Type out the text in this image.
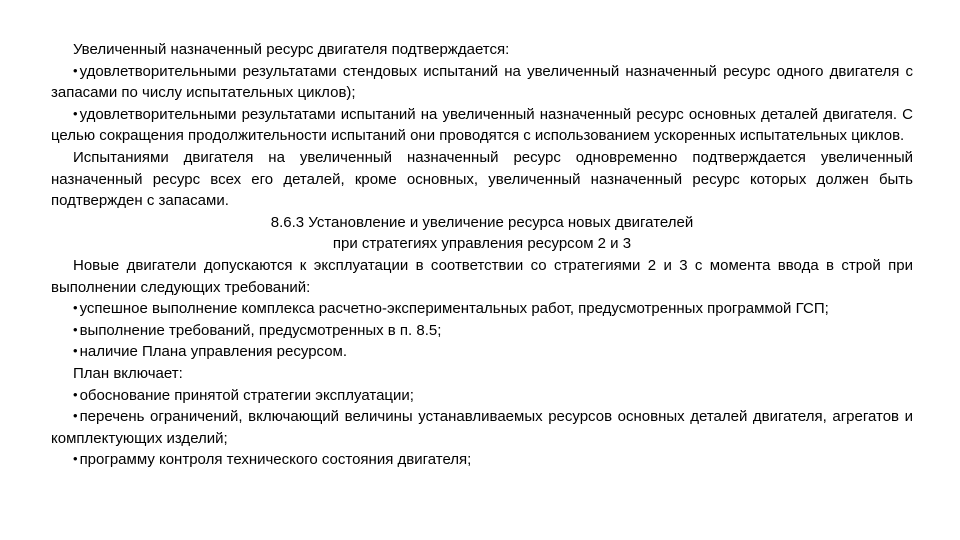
Увеличенный назначенный ресурс двигателя подтверждается:

• удовлетворительными результатами стендовых испытаний на увеличенный назначенный ресурс одного двигателя с запасами по числу испытательных циклов);

• удовлетворительными результатами испытаний на увеличенный назначенный ресурс основных деталей двигателя. С целью сокращения продолжительности испытаний они проводятся с использованием ускоренных испытательных циклов.

Испытаниями двигателя на увеличенный назначенный ресурс одновременно подтверждается увеличенный назначенный ресурс всех его деталей, кроме основных, увеличенный назначенный ресурс которых должен быть подтвержден с запасами.

8.6.3 Установление и увеличение ресурса новых двигателей

при стратегиях управления ресурсом 2 и 3

Новые двигатели допускаются к эксплуатации в соответствии со стратегиями 2 и 3 с момента ввода в строй при выполнении следующих требований:

• успешное выполнение комплекса расчетно-экспериментальных работ, предусмотренных программой ГСП;

• выполнение требований, предусмотренных в п. 8.5;

• наличие Плана управления ресурсом.

План включает:

• обоснование принятой стратегии эксплуатации;

• перечень ограничений, включающий величины устанавливаемых ресурсов основных деталей двигателя, агрегатов и комплектующих изделий;

• программу контроля технического состояния двигателя;
